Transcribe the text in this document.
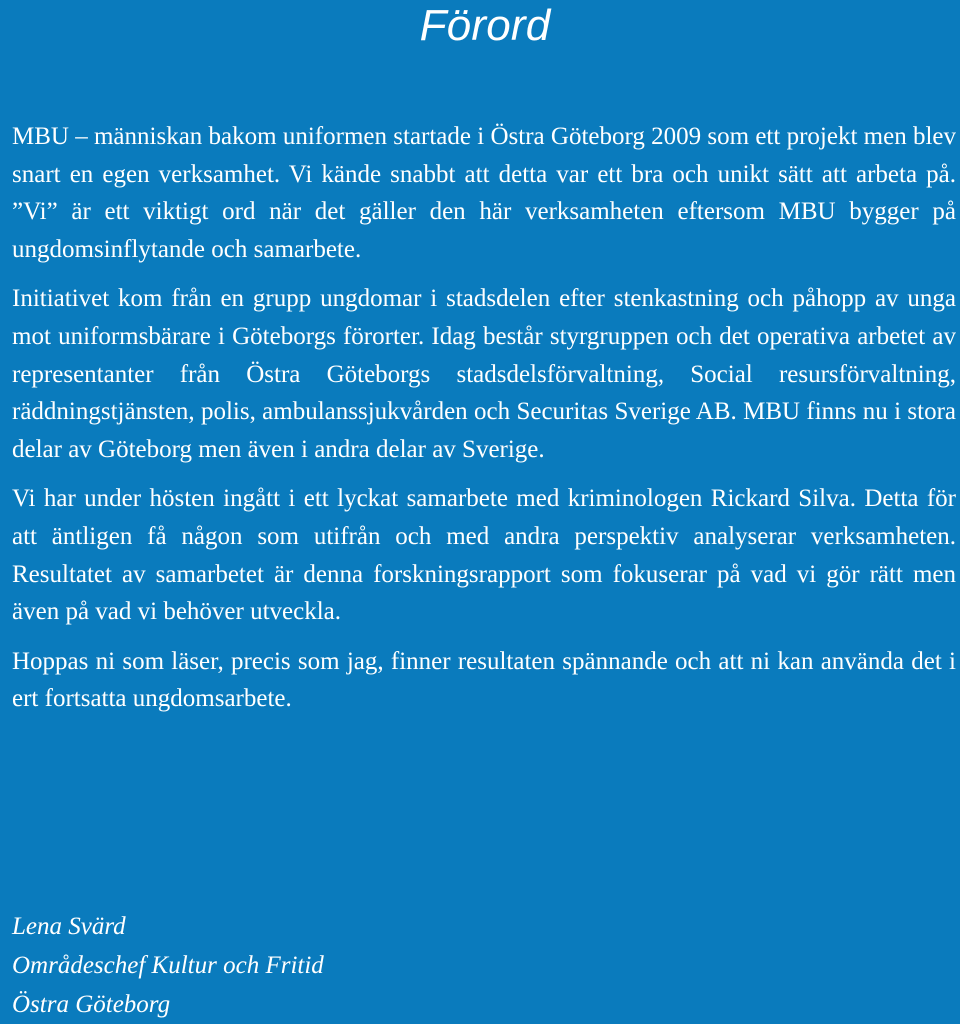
Förord

MBU – människan bakom uniformen startade i Östra Göteborg 2009 som ett projekt men blev snart en egen verksamhet. Vi kände snabbt att detta var ett bra och unikt sätt att arbeta på. ”Vi” är ett viktigt ord när det gäller den här verksamheten eftersom MBU bygger på ungdomsinflytande och samarbete.

Initiativet kom från en grupp ungdomar i stadsdelen efter stenkastning och påhopp av unga mot uniformsbärare i Göteborgs förorter. Idag består styrgruppen och det operativa arbetet av representanter från Östra Göteborgs stadsdelsförvaltning, Social resursförvaltning, räddningstjänsten, polis, ambulanssjukvården och Securitas Sverige AB. MBU finns nu i stora delar av Göteborg men även i andra delar av Sverige.

Vi har under hösten ingått i ett lyckat samarbete med kriminologen Rickard Silva. Detta för att äntligen få någon som utifrån och med andra perspektiv analyserar verksamheten. Resultatet av samarbetet är denna forskningsrapport som fokuserar på vad vi gör rätt men även på vad vi behöver utveckla.

Hoppas ni som läser, precis som jag, finner resultaten spännande och att ni kan använda det i ert fortsatta ungdomsarbete.

Lena Svärd
Områdeschef Kultur och Fritid
Östra Göteborg
